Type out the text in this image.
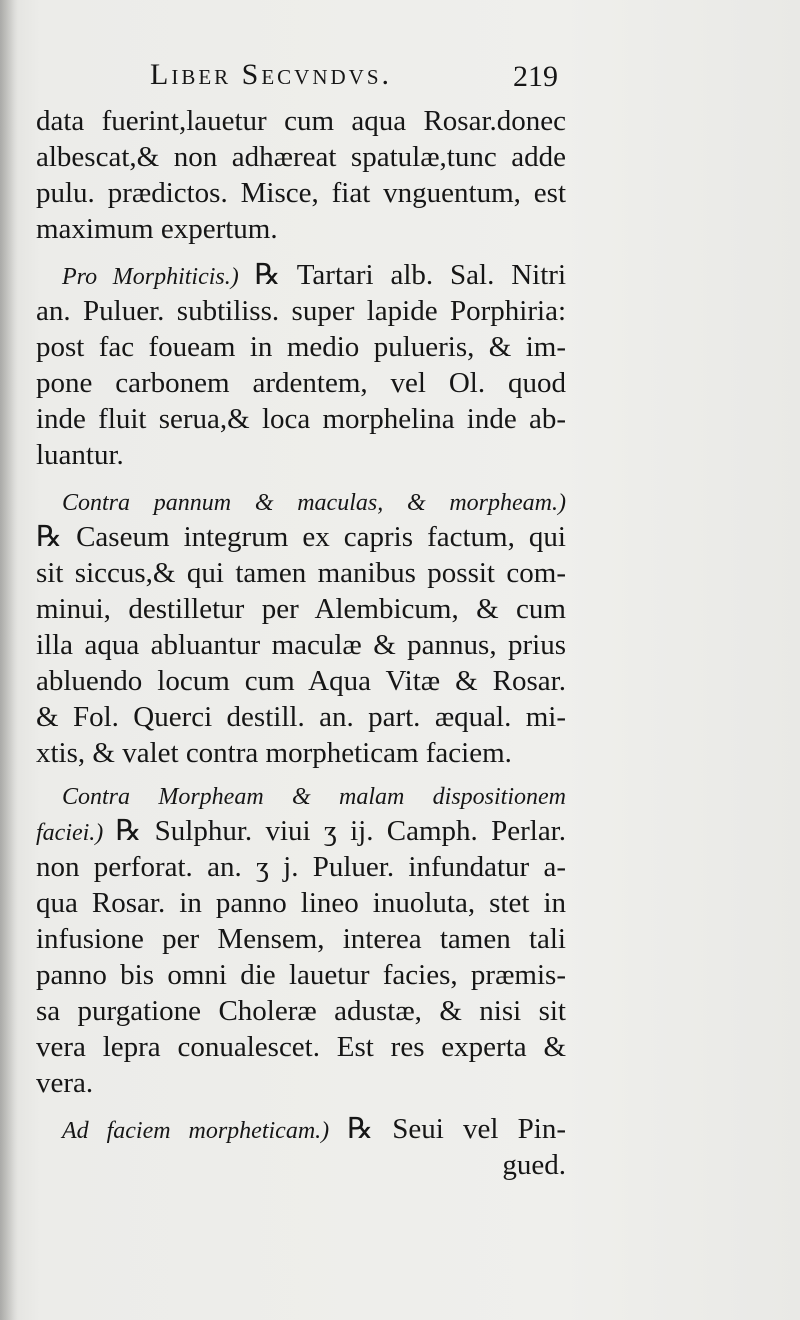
Liber Secvndvs.	219
data fuerint,lauetur cum aqua Rosar.donec
albescat,& non adhæreat spatulæ,tunc adde
pulu. prædictos. Misce, fiat vnguentum, est
maximum expertum.
Pro Morphiticis.) ℞ Tartari alb. Sal. Nitri
an. Puluer. subtiliss. super lapide Porphiria:
post fac foueam in medio pulueris, & im-
pone carbonem ardentem, vel Ol. quod
inde fluit serua,& loca morphelina inde ab-
luantur.
Contra pannum & maculas, & morpheam.)
℞ Caseum integrum ex capris factum, qui
sit siccus,& qui tamen manibus possit com-
minui, destilletur per Alembicum, & cum
illa aqua abluantur maculæ & pannus, prius
abluendo locum cum Aqua Vitæ & Rosar.
& Fol. Querci destill. an. part. æqual. mi-
xtis, & valet contra morpheticam faciem.
Contra Morpheam & malam dispositionem
faciei.) ℞ Sulphur. viui ʒ ij. Camph. Perlar.
non perforat. an. ʒ j. Puluer. infundatur a-
qua Rosar. in panno lineo inuoluta, stet in
infusione per Mensem, interea tamen tali
panno bis omni die lauetur facies, præmis-
sa purgatione Choleræ adustæ, & nisi sit
vera lepra conualescet. Est res experta &
vera.
Ad faciem morpheticam.) ℞ Seui vel Pin-
gued.
